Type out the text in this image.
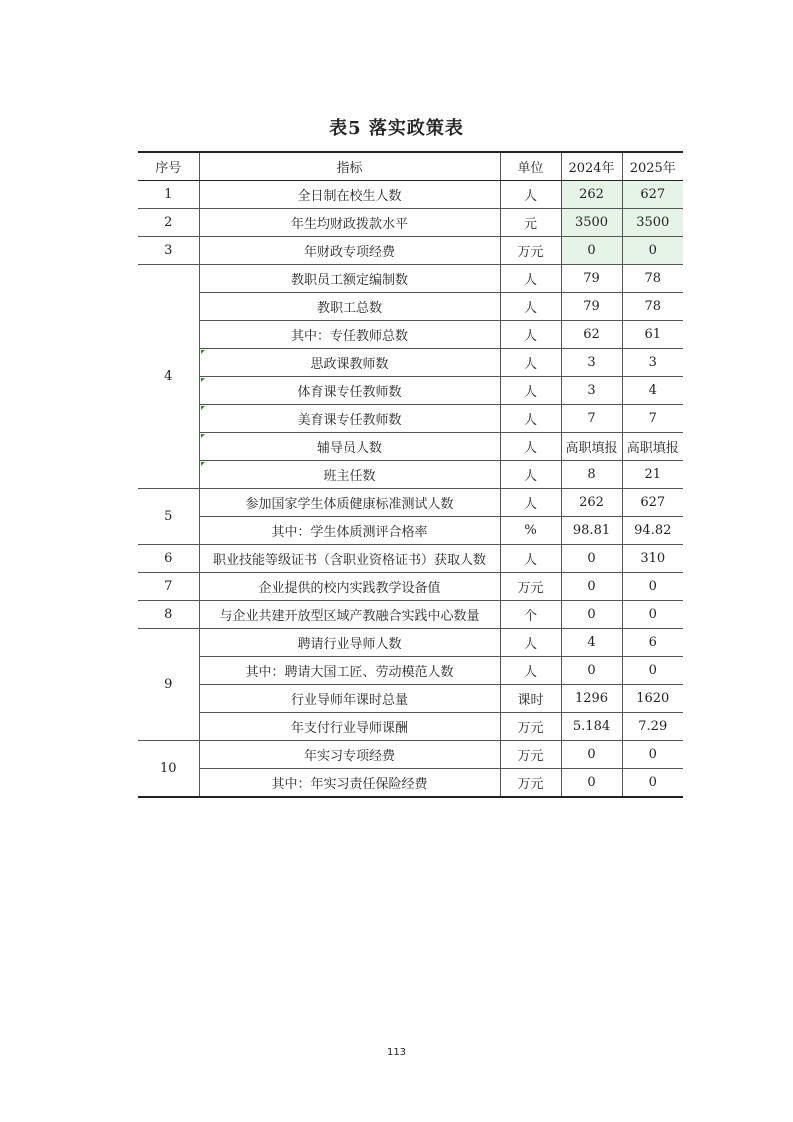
表5 落实政策表
序号	指标	单位	2024年	2025年
1	全日制在校生人数	人	262	627
2	年生均财政拨款水平	元	3500	3500
3	年财政专项经费	万元	0	0
4	教职员工额定编制数	人	79	78
	教职工总数	人	79	78
	其中：专任教师总数	人	62	61
	思政课教师数	人	3	3
	体育课专任教师数	人	3	4
	美育课专任教师数	人	7	7
	辅导员人数	人	高职填报	高职填报
	班主任数	人	8	21
5	参加国家学生体质健康标准测试人数	人	262	627
	其中：学生体质测评合格率	%	98.81	94.82
6	职业技能等级证书（含职业资格证书）获取人数	人	0	310
7	企业提供的校内实践教学设备值	万元	0	0
8	与企业共建开放型区域产教融合实践中心数量	个	0	0
9	聘请行业导师人数	人	4	6
	其中：聘请大国工匠、劳动模范人数	人	0	0
	行业导师年课时总量	课时	1296	1620
	年支付行业导师课酬	万元	5.184	7.29
10	年实习专项经费	万元	0	0
	其中：年实习责任保险经费	万元	0	0
113
